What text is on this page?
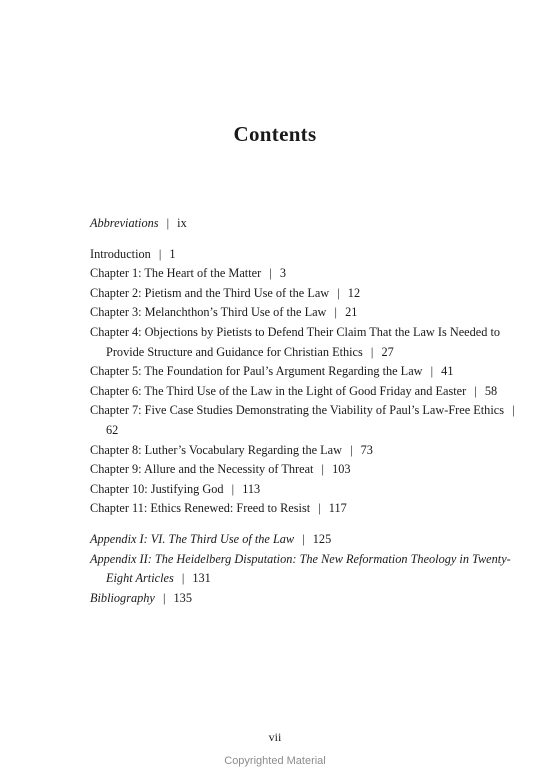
Contents

Abbreviations | ix

Introduction | 1

Chapter 1: The Heart of the Matter | 3

Chapter 2: Pietism and the Third Use of the Law | 12

Chapter 3: Melanchthon’s Third Use of the Law | 21

Chapter 4: Objections by Pietists to Defend Their Claim That the Law Is Needed to Provide Structure and Guidance for Christian Ethics | 27

Chapter 5: The Foundation for Paul’s Argument Regarding the Law | 41

Chapter 6: The Third Use of the Law in the Light of Good Friday and Easter | 58

Chapter 7: Five Case Studies Demonstrating the Viability of Paul’s Law-Free Ethics | 62

Chapter 8: Luther’s Vocabulary Regarding the Law | 73

Chapter 9: Allure and the Necessity of Threat | 103

Chapter 10: Justifying God | 113

Chapter 11: Ethics Renewed: Freed to Resist | 117

Appendix I: VI. The Third Use of the Law | 125

Appendix II: The Heidelberg Disputation: The New Reformation Theology in Twenty-Eight Articles | 131

Bibliography | 135

vii

Copyrighted Material
